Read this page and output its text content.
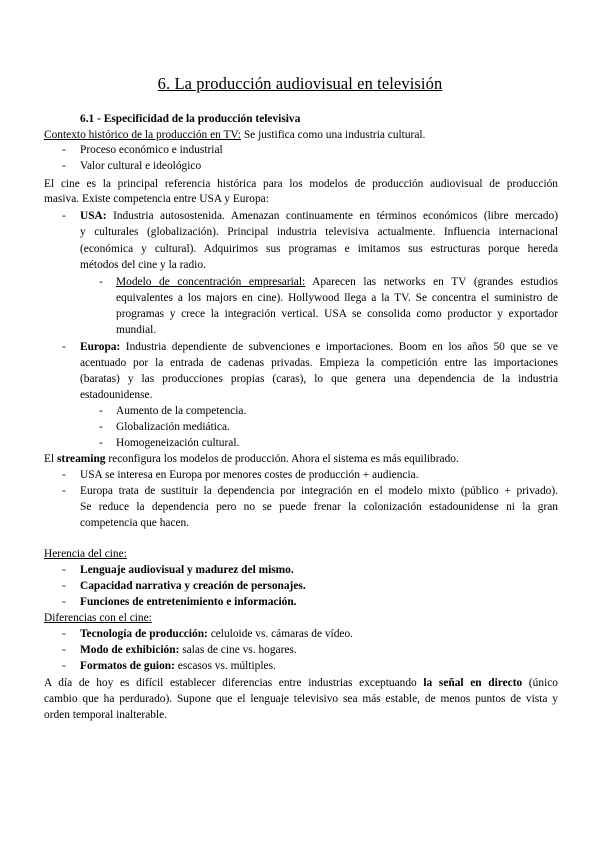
6. La producción audiovisual en televisión
6.1 - Especificidad de la producción televisiva
Contexto histórico de la producción en TV: Se justifica como una industria cultural.
- Proceso económico e industrial
- Valor cultural e ideológico
El cine es la principal referencia histórica para los modelos de producción audiovisual de producción
masiva. Existe competencia entre USA y Europa:
- USA: Industria autosostenida. Amenazan continuamente en términos económicos (libre mercado)
y culturales (globalización). Principal industria televisiva actualmente. Influencia internacional
(económica y cultural). Adquirimos sus programas e imitamos sus estructuras porque hereda
métodos del cine y la radio.
- Modelo de concentración empresarial: Aparecen las networks en TV (grandes estudios
equivalentes a los majors en cine). Hollywood llega a la TV. Se concentra el suministro de
programas y crece la integración vertical. USA se consolida como productor y exportador
mundial.
- Europa: Industria dependiente de subvenciones e importaciones. Boom en los años 50 que se ve
acentuado por la entrada de cadenas privadas. Empieza la competición entre las importaciones
(baratas) y las producciones propias (caras), lo que genera una dependencia de la industria
estadounidense.
- Aumento de la competencia.
- Globalización mediática.
- Homogeneización cultural.
El streaming reconfigura los modelos de producción. Ahora el sistema es más equilibrado.
- USA se interesa en Europa por menores costes de producción + audiencia.
- Europa trata de sustituir la dependencia por integración en el modelo mixto (público + privado).
Se reduce la dependencia pero no se puede frenar la colonización estadounidense ni la gran
competencia que hacen.
Herencia del cine:
- Lenguaje audiovisual y madurez del mismo.
- Capacidad narrativa y creación de personajes.
- Funciones de entretenimiento e información.
Diferencias con el cine:
- Tecnología de producción: celuloide vs. cámaras de vídeo.
- Modo de exhibición: salas de cine vs. hogares.
- Formatos de guion: escasos vs. múltiples.
A día de hoy es difícil establecer diferencias entre industrias exceptuando la señal en directo (único
cambio que ha perdurado). Supone que el lenguaje televisivo sea más estable, de menos puntos de vista y
orden temporal inalterable.
